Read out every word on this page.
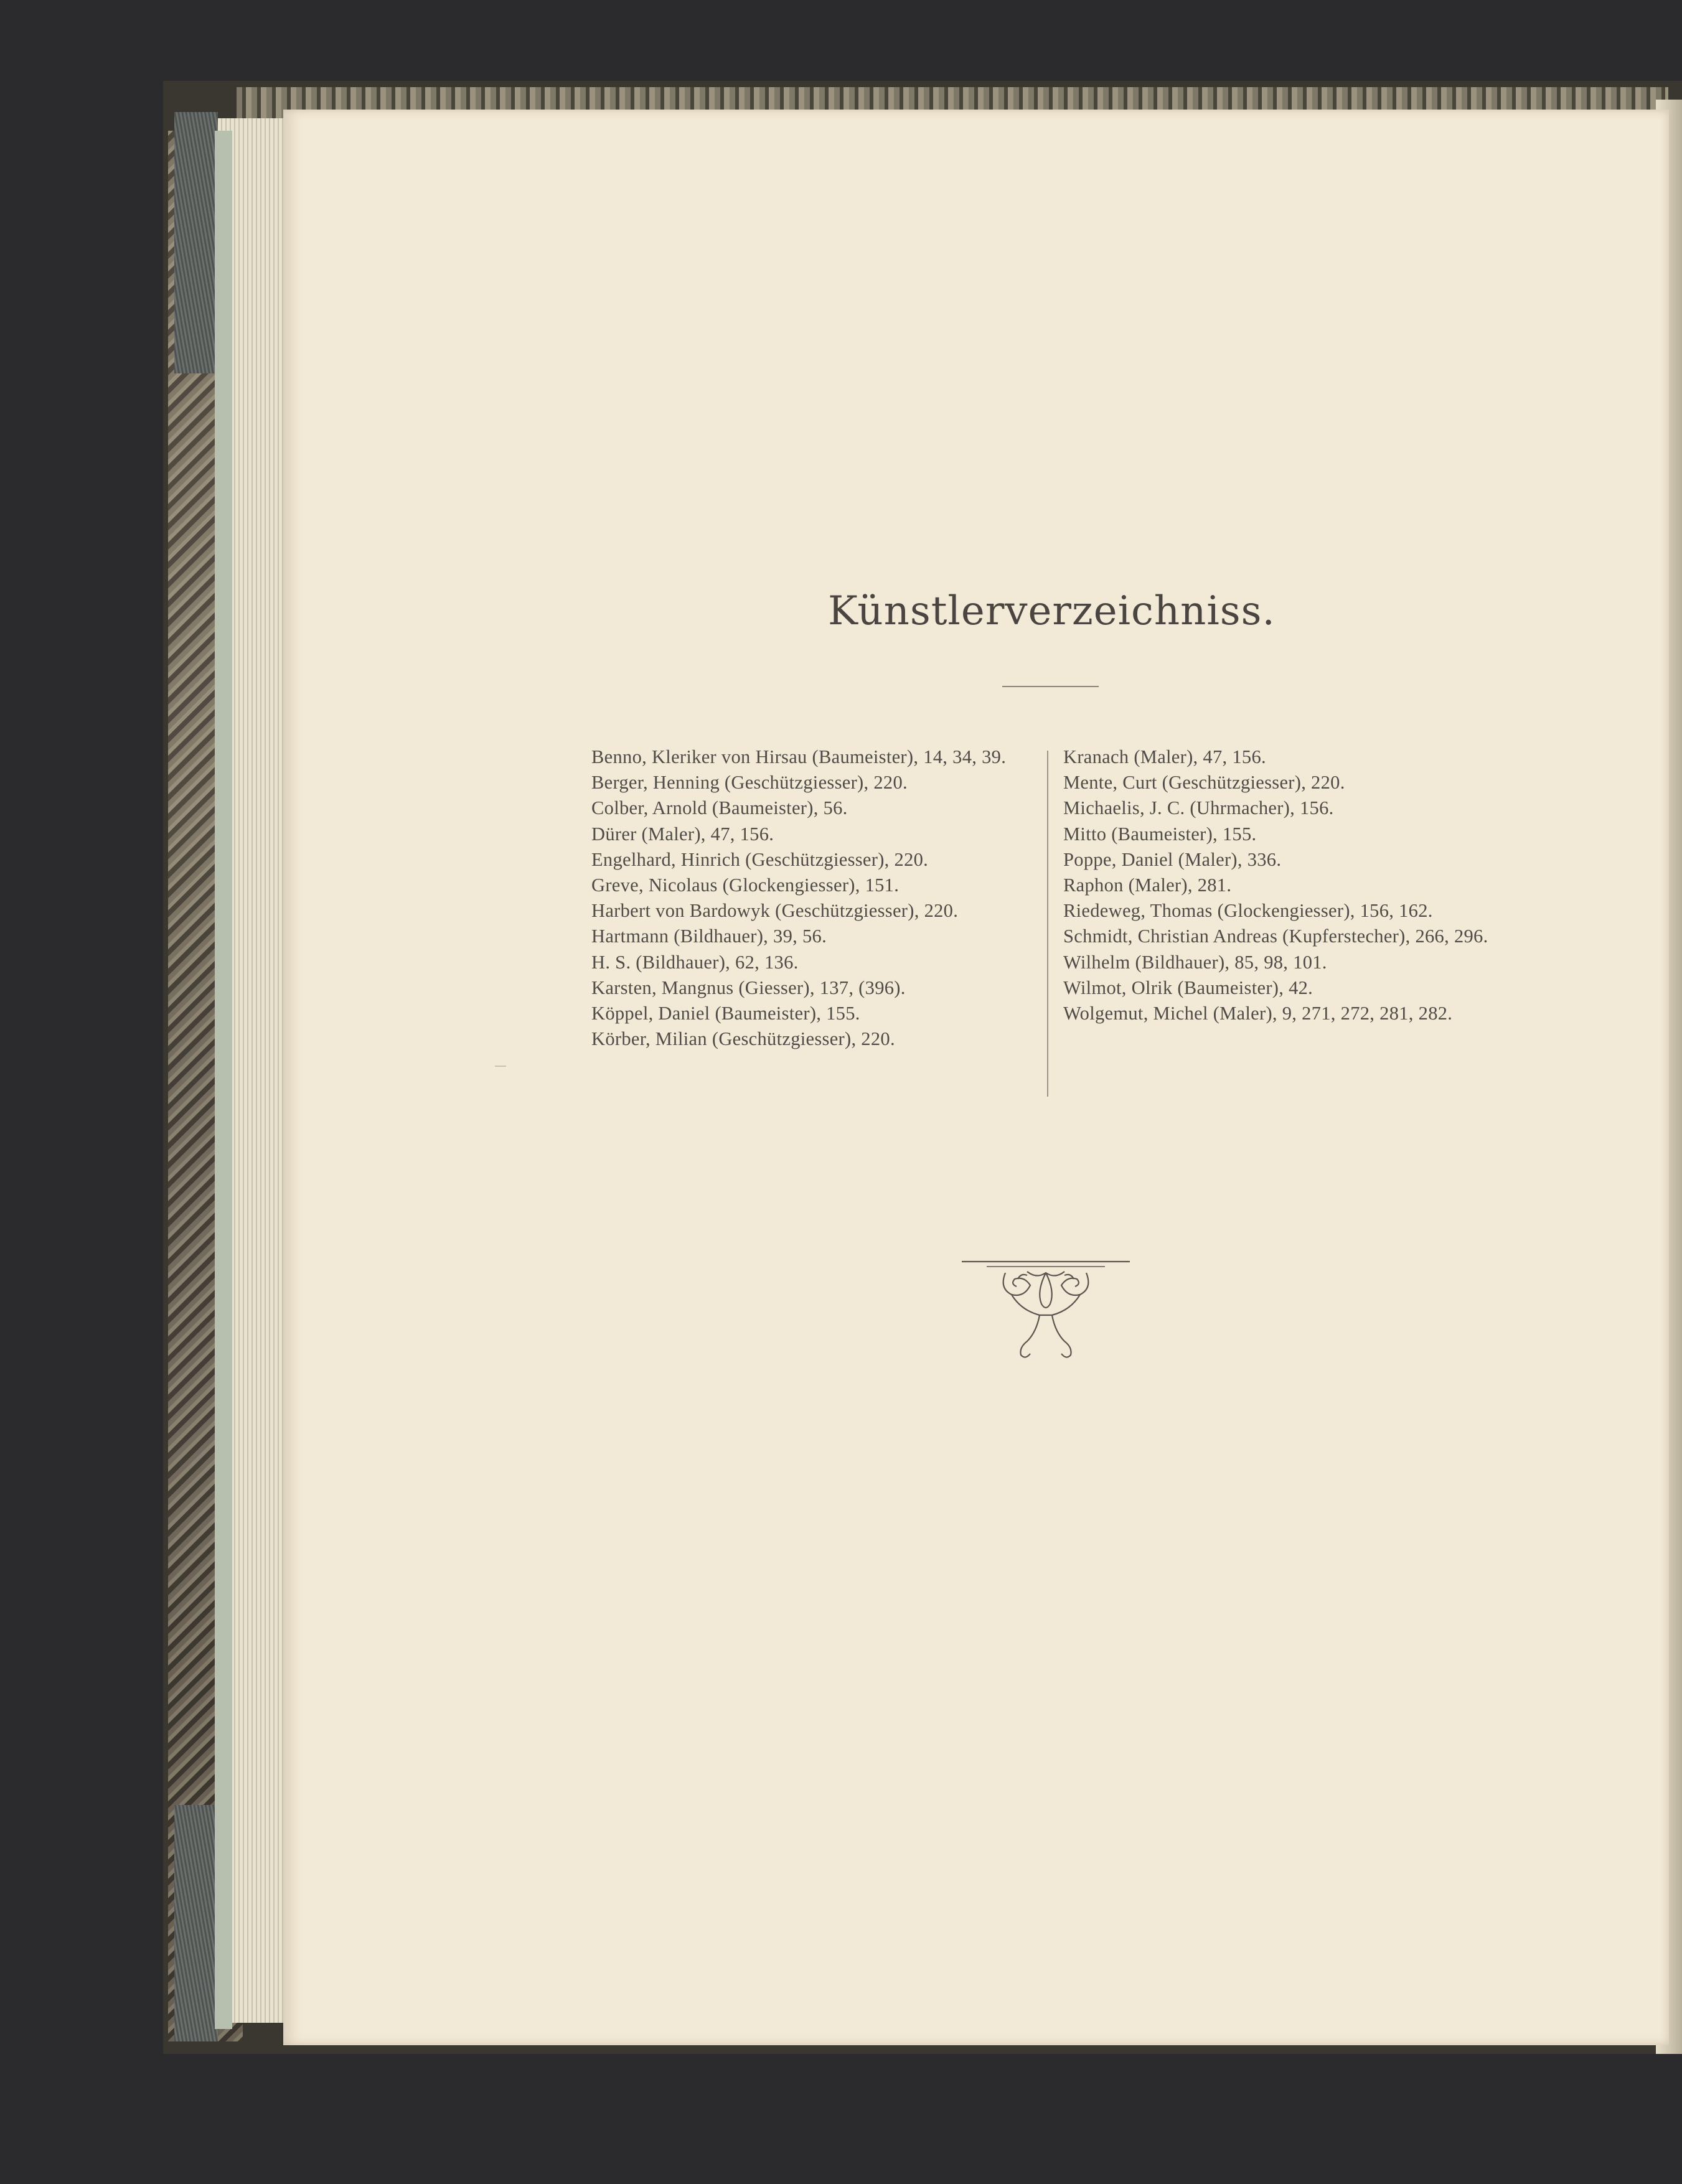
Künstlerverzeichniss.

Benno, Kleriker von Hirsau (Baumeister), 14, 34, 39.

Berger, Henning (Geschützgiesser), 220.

Colber, Arnold (Baumeister), 56.

Dürer (Maler), 47, 156.

Engelhard, Hinrich (Geschützgiesser), 220.

Greve, Nicolaus (Glockengiesser), 151.

Harbert von Bardowyk (Geschützgiesser), 220.

Hartmann (Bildhauer), 39, 56.

H. S. (Bildhauer), 62, 136.

Karsten, Mangnus (Giesser), 137, (396).

Köppel, Daniel (Baumeister), 155.

Körber, Milian (Geschützgiesser), 220.

Kranach (Maler), 47, 156.

Mente, Curt (Geschützgiesser), 220.

Michaelis, J. C. (Uhrmacher), 156.

Mitto (Baumeister), 155.

Poppe, Daniel (Maler), 336.

Raphon (Maler), 281.

Riedeweg, Thomas (Glockengiesser), 156, 162.

Schmidt, Christian Andreas (Kupferstecher), 266, 296.

Wilhelm (Bildhauer), 85, 98, 101.

Wilmot, Olrik (Baumeister), 42.

Wolgemut, Michel (Maler), 9, 271, 272, 281, 282.
